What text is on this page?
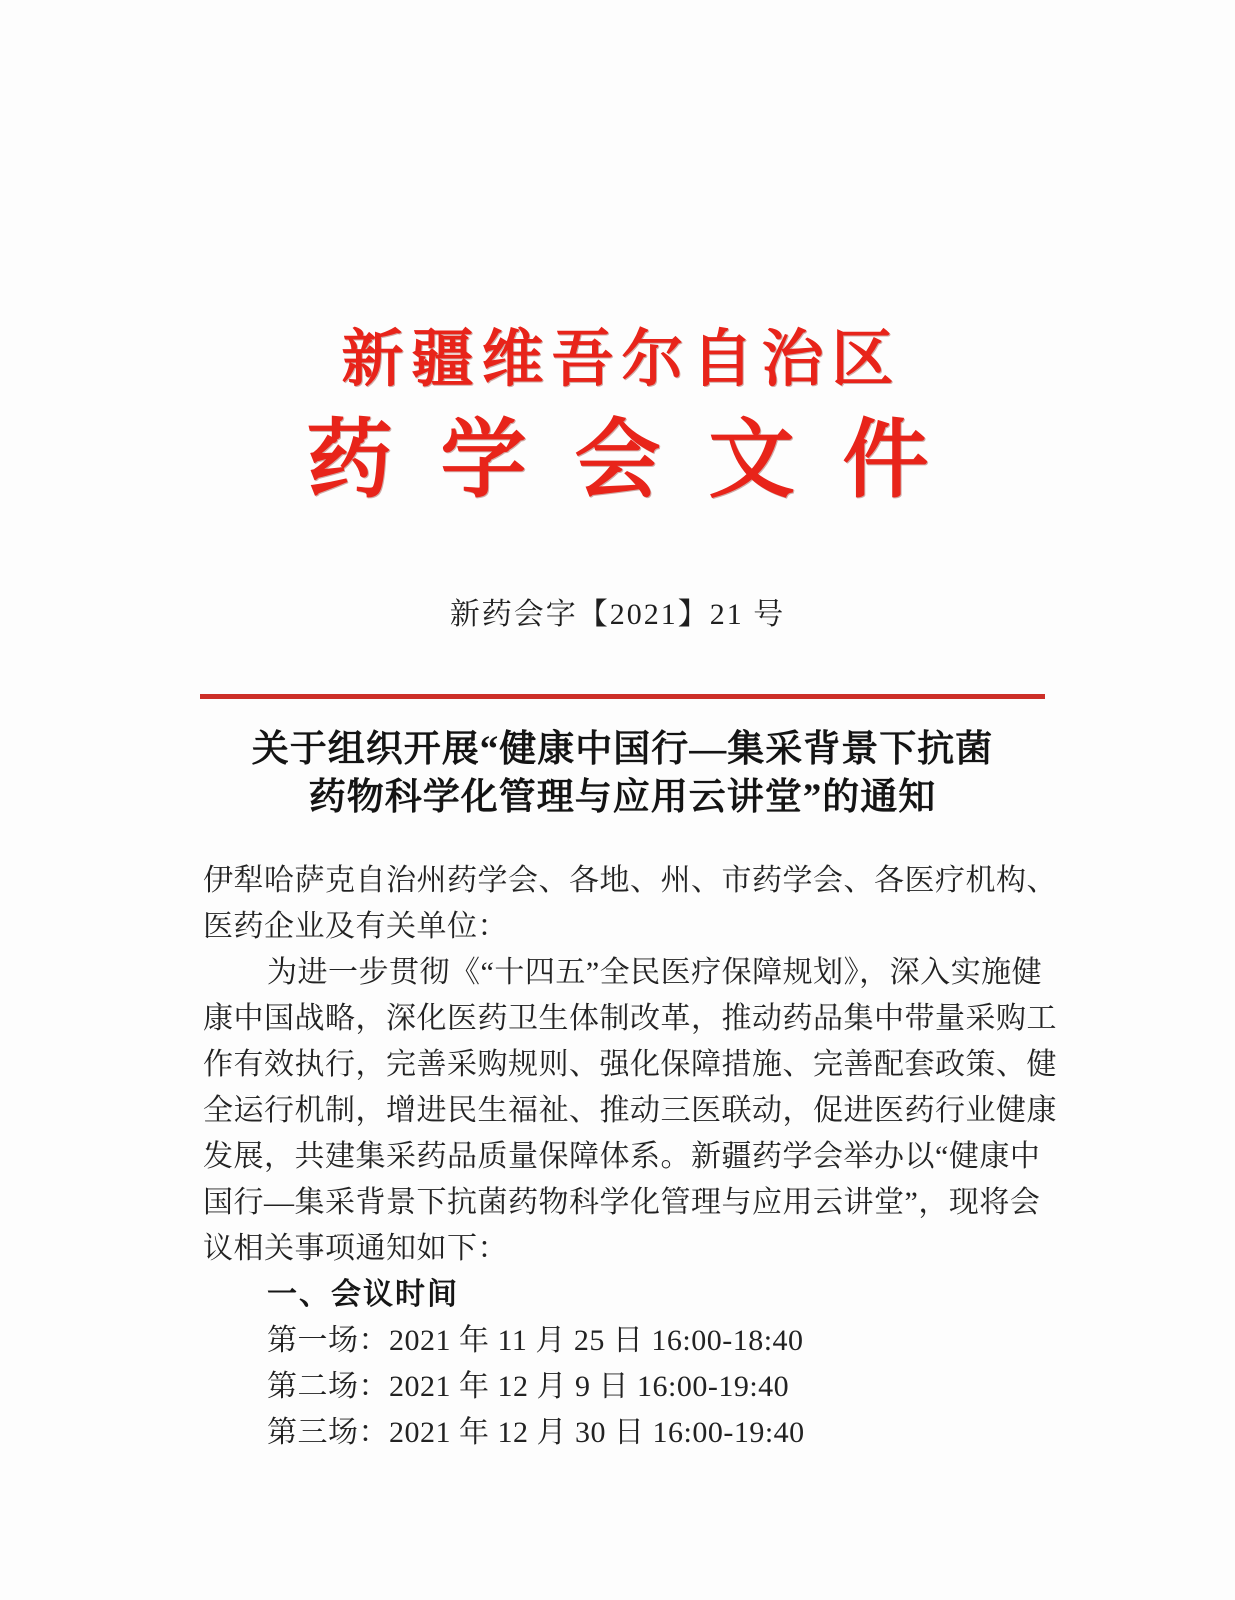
新疆维吾尔自治区
药学会文件
新药会字【2021】21 号
关于组织开展“健康中国行—集采背景下抗菌
药物科学化管理与应用云讲堂”的通知
伊犁哈萨克自治州药学会、各地、州、市药学会、各医疗机构、
医药企业及有关单位：
为进一步贯彻《“十四五”全民医疗保障规划》，深入实施健
康中国战略，深化医药卫生体制改革，推动药品集中带量采购工
作有效执行，完善采购规则、强化保障措施、完善配套政策、健
全运行机制，增进民生福祉、推动三医联动，促进医药行业健康
发展，共建集采药品质量保障体系。新疆药学会举办以“健康中
国行—集采背景下抗菌药物科学化管理与应用云讲堂”，现将会
议相关事项通知如下：
一、会议时间
第一场：2021 年 11 月 25 日 16:00-18:40
第二场：2021 年 12 月 9 日 16:00-19:40
第三场：2021 年 12 月 30 日 16:00-19:40
